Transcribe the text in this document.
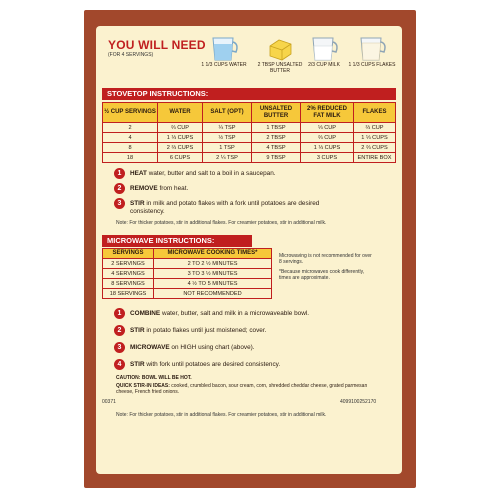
YOU WILL NEED
(FOR 4 SERVINGS)
1 1/3 CUPS WATER	2 TBSP UNSALTED BUTTER
2/3 CUP MILK	1 1/3 CUPS FLAKES
STOVETOP INSTRUCTIONS:
½ CUP SERVINGS	WATER	SALT (OPT)	UNSALTED BUTTER	2% REDUCED FAT MILK	FLAKES
2	⅔ CUP	¼ TSP	1 TBSP	⅓ CUP	⅔ CUP
4	1 ⅓ CUPS	½ TSP	2 TBSP	⅔ CUP	1 ⅓ CUPS
8	2 ⅔ CUPS	1 TSP	4 TBSP	1 ⅓ CUPS	2 ⅔ CUPS
18	6 CUPS	2 ¼ TSP	9 TBSP	3 CUPS	ENTIRE BOX
1	HEAT water, butter and salt to a boil in a saucepan.
2	REMOVE from heat.
3	STIR in milk and potato flakes with a fork until potatoes are desired consistency.
Note: For thicker potatoes, stir in additional flakes. For creamier potatoes, stir in additional milk.
MICROWAVE INSTRUCTIONS:
SERVINGS	MICROWAVE COOKING TIMES*
2 SERVINGS	2 TO 2 ½ MINUTES
4 SERVINGS	3 TO 3 ½ MINUTES
8 SERVINGS	4 ½ TO 5 MINUTES
18 SERVINGS	NOT RECOMMENDED
Microwaving is not recommended for over 8 servings.
*Because microwaves cook differently, times are approximate.
1	COMBINE water, butter, salt and milk in a microwaveable bowl.
2	STIR in potato flakes until just moistened; cover.
3	MICROWAVE on HIGH using chart (above).
4	STIR with fork until potatoes are desired consistency.
CAUTION: BOWL WILL BE HOT.
QUICK STIR-IN IDEAS: cooked, crumbled bacon, sour cream, corn, shredded cheddar cheese, grated parmesan cheese, French fried onions.
00371	4099100252170
Note: For thicker potatoes, stir in additional flakes. For creamier potatoes, stir in additional milk.
